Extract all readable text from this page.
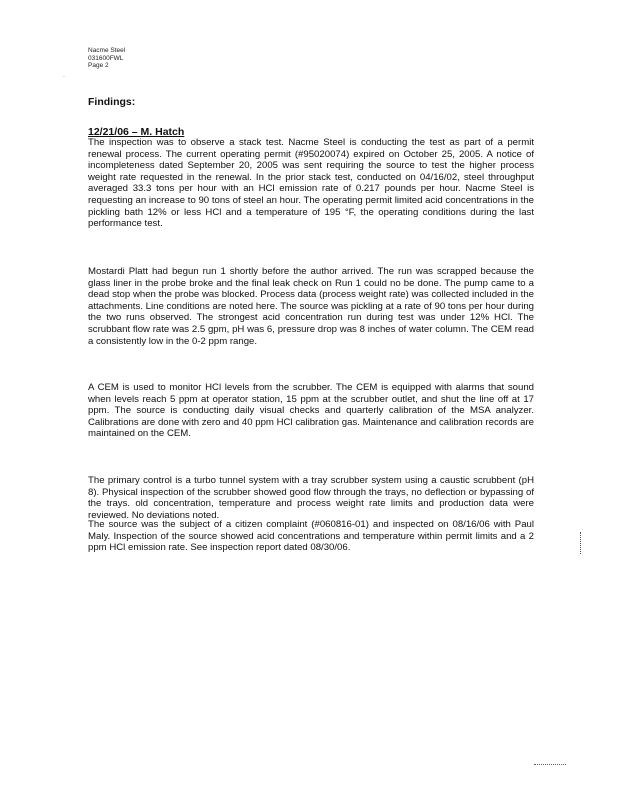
Nacme Steel
031600FWL
Page 2
·
Findings:
12/21/06 – M. Hatch

The inspection was to observe a stack test. Nacme Steel is conducting the test as part of a permit renewal process. The current operating permit (#95020074) expired on October 25, 2005. A notice of incompleteness dated September 20, 2005 was sent requiring the source to test the higher process weight rate requested in the renewal. In the prior stack test, conducted on 04/16/02, steel throughput averaged 33.3 tons per hour with an HCl emission rate of 0.217 pounds per hour. Nacme Steel is requesting an increase to 90 tons of steel an hour. The operating permit limited acid concentrations in the pickling bath 12% or less HCl and a temperature of 195 °F, the operating conditions during the last performance test.

Mostardi Platt had begun run 1 shortly before the author arrived. The run was scrapped because the glass liner in the probe broke and the final leak check on Run 1 could no be done. The pump came to a dead stop when the probe was blocked. Process data (process weight rate) was collected included in the attachments. Line conditions are noted here. The source was pickling at a rate of 90 tons per hour during the two runs observed. The strongest acid concentration run during test was under 12% HCl. The scrubbant flow rate was 2.5 gpm, pH was 6, pressure drop was 8 inches of water column. The CEM read a consistently low in the 0-2 ppm range.

A CEM is used to monitor HCl levels from the scrubber. The CEM is equipped with alarms that sound when levels reach 5 ppm at operator station, 15 ppm at the scrubber outlet, and shut the line off at 17 ppm. The source is conducting daily visual checks and quarterly calibration of the MSA analyzer. Calibrations are done with zero and 40 ppm HCl calibration gas. Maintenance and calibration records are maintained on the CEM.

The primary control is a turbo tunnel system with a tray scrubber system using a caustic scrubbent (pH 8). Physical inspection of the scrubber showed good flow through the trays, no deflection or bypassing of the trays. old concentration, temperature and process weight rate limits and production data were reviewed. No deviations noted.

The source was the subject of a citizen complaint (#060816-01) and inspected on 08/16/06 with Paul Maly. Inspection of the source showed acid concentrations and temperature within permit limits and a 2 ppm HCl emission rate. See inspection report dated 08/30/06.
